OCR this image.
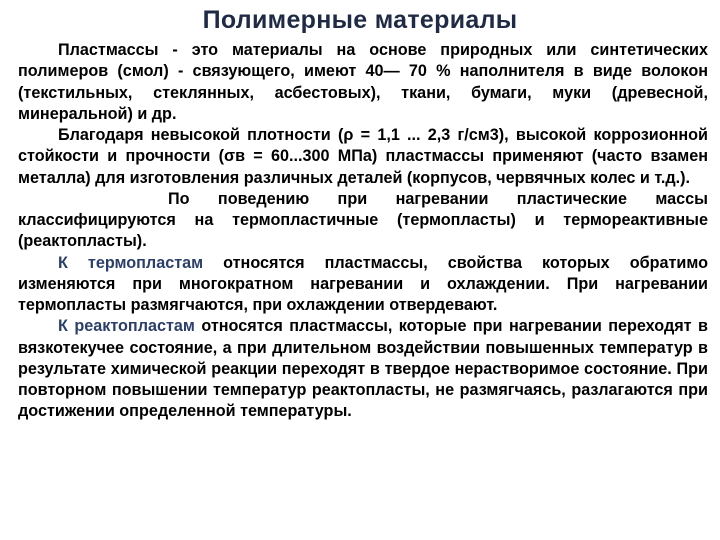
Полимерные материалы

Пластмассы - это материалы на основе природных или синтетических полимеров (смол) - связующего, имеют 40— 70 % наполнителя в виде волокон (текстильных, стеклянных, асбестовых), ткани, бумаги, муки (древесной, минеральной) и др.

Благодаря невысокой плотности (ρ = 1,1 ... 2,3 г/см3), высокой коррозионной стойкости и прочности (σв = 60...300 МПа) пластмассы применяют (часто взамен металла) для изготовления различных деталей (корпусов, червячных колес и т.д.).

По поведению при нагревании пластические массы классифицируются на термопластичные (термопласты) и термореактивные (реактопласты).

К термопластам относятся пластмассы, свойства которых обратимо изменяются при многократном нагревании и охлаждении. При нагревании термопласты размягчаются, при охлаждении отвердевают.

К реактопластам относятся пластмассы, которые при нагревании переходят в вязкотекучее состояние, а при длительном воздействии повышенных температур в результате химической реакции переходят в твердое нерастворимое состояние. При повторном повышении температур реактопласты, не размягчаясь, разлагаются при достижении определенной температуры.
